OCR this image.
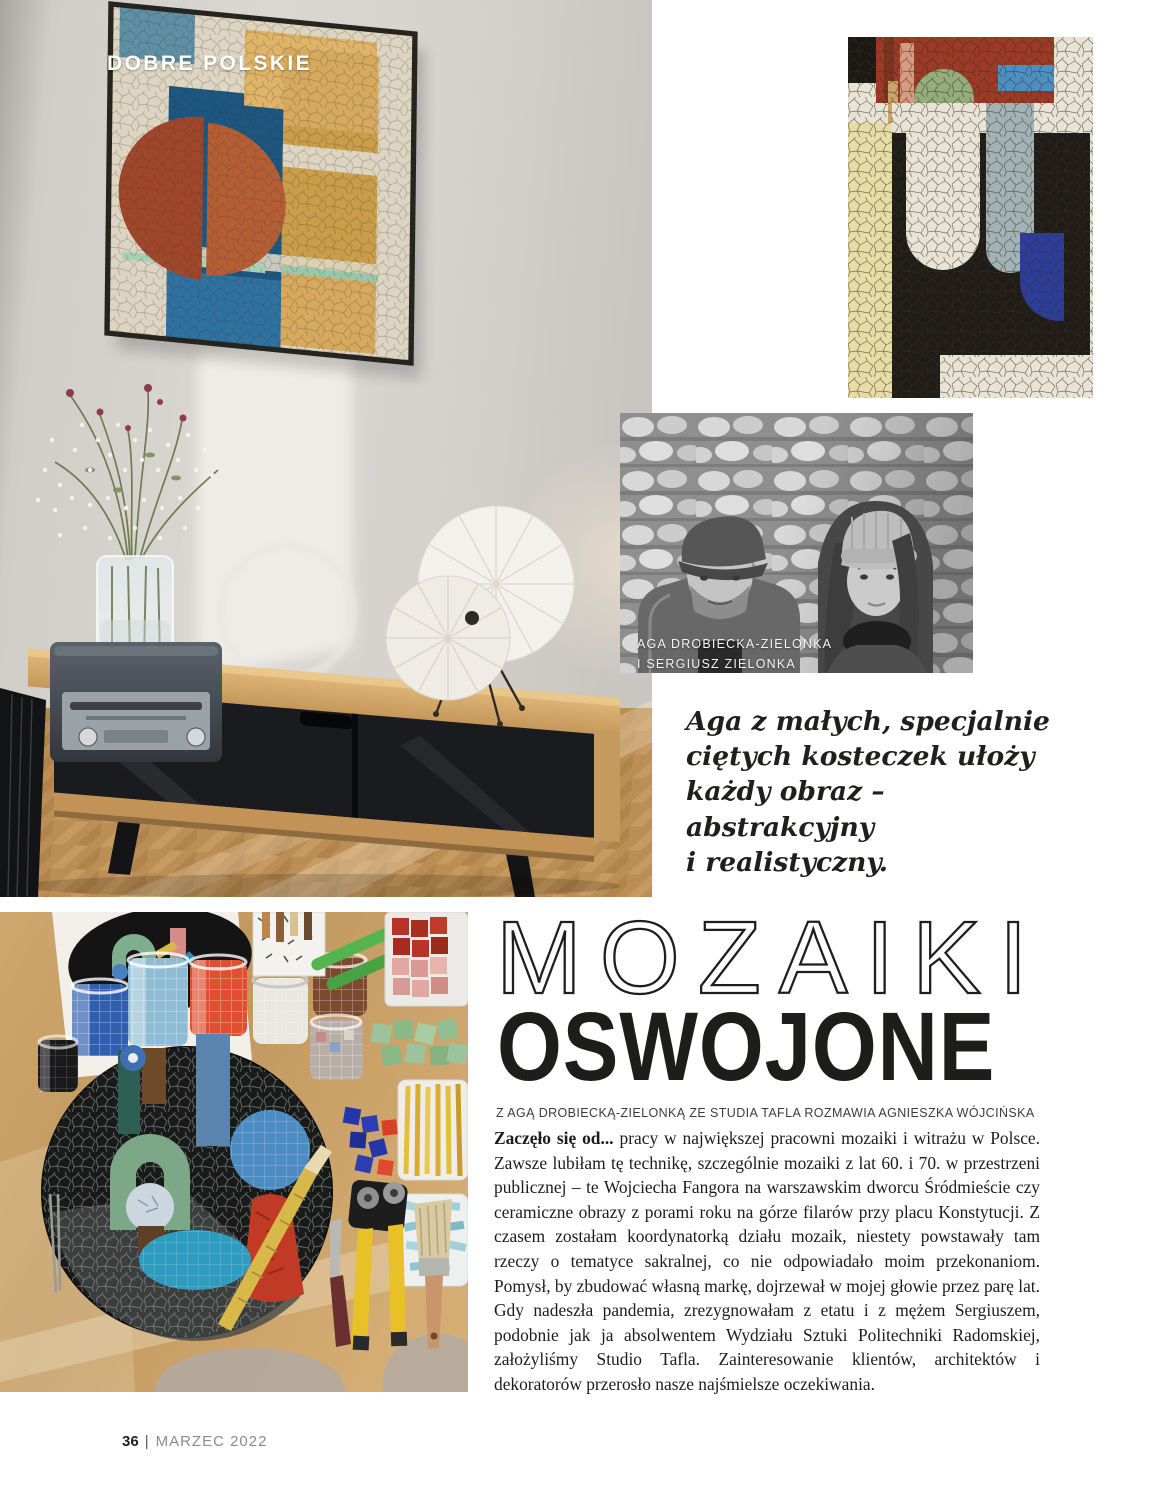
DOBRE POLSKIE
AGA DROBIECKA-ZIELONKA
I SERGIUSZ ZIELONKA
Aga z małych, specjalnie
ciętych kosteczek ułoży
każdy obraz – abstrakcyjny
i realistyczny.
MOZAIKI
OSWOJONE
Z AGĄ DROBIECKĄ-ZIELONKĄ ZE STUDIA TAFLA ROZMAWIA AGNIESZKA WÓJCIŃSKA
Zaczęło się od... pracy w największej pracowni mozaiki i witrażu w Polsce. Zawsze lubiłam tę technikę, szczególnie mozaiki z lat 60. i 70. w przestrzeni publicznej – te Wojciecha Fangora na warszawskim dworcu Śródmieście czy ceramiczne obrazy z porami roku na górze filarów przy placu Konstytucji. Z czasem zostałam koordynatorką działu mozaik, niestety powstawały tam rzeczy o tematyce sakralnej, co nie odpowiadało moim przekonaniom. Pomysł, by zbudować własną markę, dojrzewał w mojej głowie przez parę lat. Gdy nadeszła pandemia, zrezygnowałam z etatu i z mężem Sergiuszem, podobnie jak ja absolwentem Wydziału Sztuki Politechniki Radomskiej, założyliśmy Studio Tafla. Zainteresowanie klientów, architektów i dekoratorów przerosło nasze najśmielsze oczekiwania.
36 | MARZEC 2022
